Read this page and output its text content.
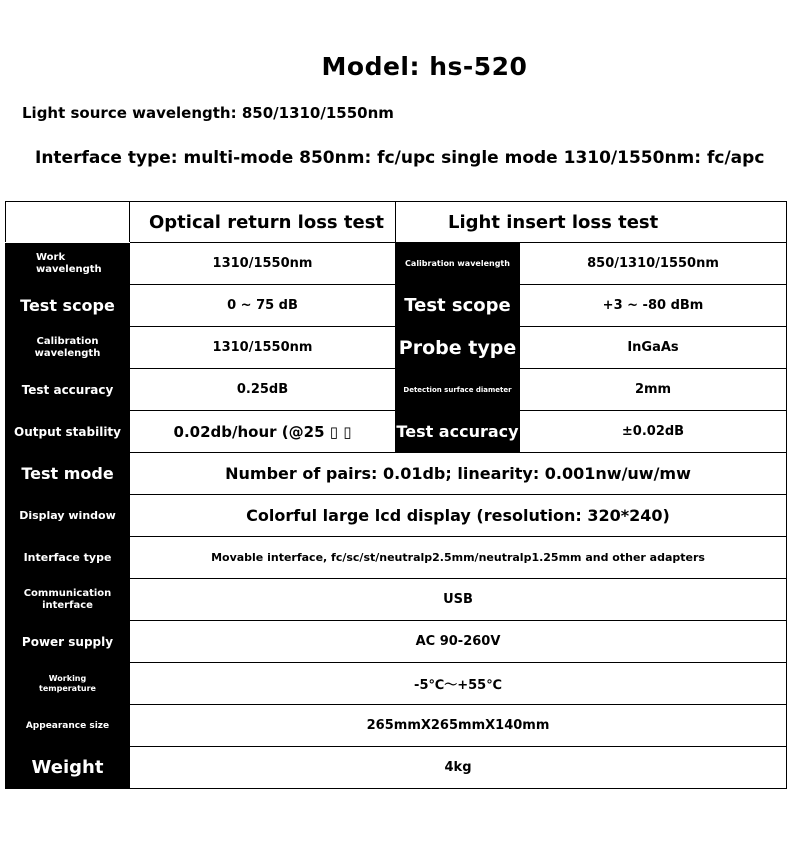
Model: hs-520
Light source wavelength: 850/1310/1550nm
Interface type: multi-mode 850nm: fc/upc single mode 1310/1550nm: fc/apc
	Optical return loss test	Light insert loss test	
Work
wavelength	1310/1550nm	Calibration wavelength	850/1310/1550nm
Test scope	0 ~ 75 dB	Test scope	+3 ~ -80 dBm
Calibration
wavelength	1310/1550nm	Probe type	InGaAs
Test accuracy	0.25dB	Detection surface diameter	2mm
Output stability	0.02db/hour (@25 ▯ ▯	Test accuracy	±0.02dB
Test mode	Number of pairs: 0.01db; linearity: 0.001nw/uw/mw		
Display window	Colorful large lcd display (resolution: 320*240)		
Interface type	Movable interface, fc/sc/st/neutralp2.5mm/neutralp1.25mm and other adapters		
Communication
interface	USB		
Power supply	AC 90-260V		
Working
temperature	-5℃～+55℃		
Appearance size	265mmX265mmX140mm		
Weight	4kg		
